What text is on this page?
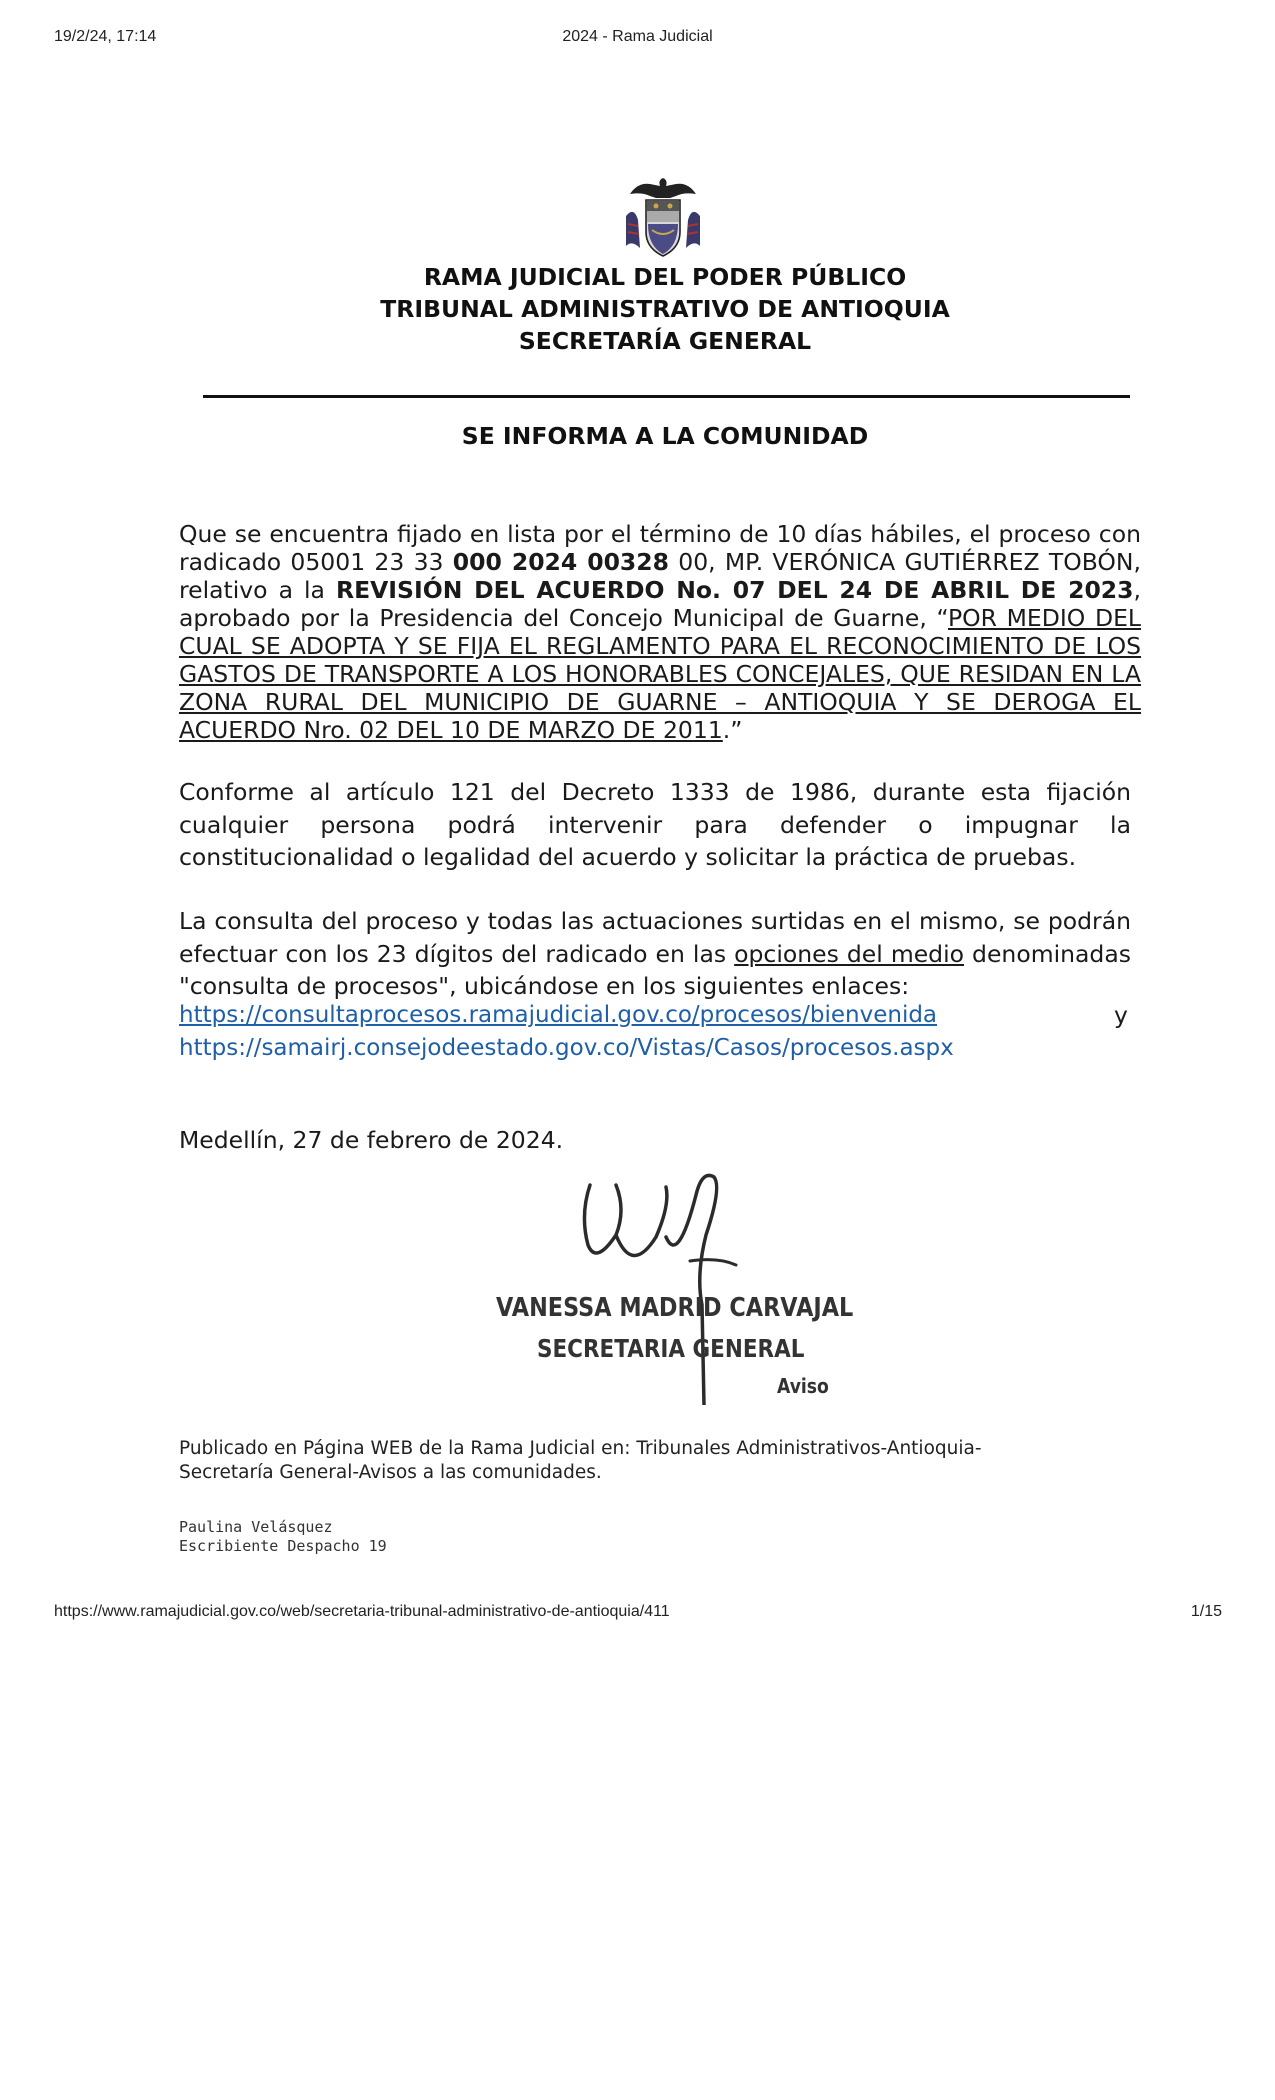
19/2/24, 17:14	2024 - Rama Judicial
RAMA JUDICIAL DEL PODER PÚBLICO
TRIBUNAL ADMINISTRATIVO DE ANTIOQUIA
SECRETARÍA GENERAL
SE INFORMA A LA COMUNIDAD
Que se encuentra fijado en lista por el término de 10 días hábiles, el proceso con radicado 05001 23 33 000 2024 00328 00, MP. VERÓNICA GUTIÉRREZ TOBÓN, relativo a la REVISIÓN DEL ACUERDO No. 07 DEL 24 DE ABRIL DE 2023, aprobado por la Presidencia del Concejo Municipal de Guarne, “POR MEDIO DEL CUAL SE ADOPTA Y SE FIJA EL REGLAMENTO PARA EL RECONOCIMIENTO DE LOS GASTOS DE TRANSPORTE A LOS HONORABLES CONCEJALES, QUE RESIDAN EN LA ZONA RURAL DEL MUNICIPIO DE GUARNE – ANTIOQUIA Y SE DEROGA EL ACUERDO Nro. 02 DEL 10 DE MARZO DE 2011.”
Conforme al artículo 121 del Decreto 1333 de 1986, durante esta fijación cualquier persona podrá intervenir para defender o impugnar la constitucionalidad o legalidad del acuerdo y solicitar la práctica de pruebas.
La consulta del proceso y todas las actuaciones surtidas en el mismo, se podrán efectuar con los 23 dígitos del radicado en las opciones del medio denominadas "consulta de procesos", ubicándose en los siguientes enlaces:
https://consultaprocesos.ramajudicial.gov.co/procesos/bienvenida	y
https://samairj.consejodeestado.gov.co/Vistas/Casos/procesos.aspx
Medellín, 27 de febrero de 2024.
VANESSA MADRID CARVAJAL
SECRETARIA GENERAL
Aviso
Publicado en Página WEB de la Rama Judicial en: Tribunales Administrativos-Antioquia-Secretaría General-Avisos a las comunidades.
Paulina Velásquez
Escribiente Despacho 19
https://www.ramajudicial.gov.co/web/secretaria-tribunal-administrativo-de-antioquia/411	1/15
